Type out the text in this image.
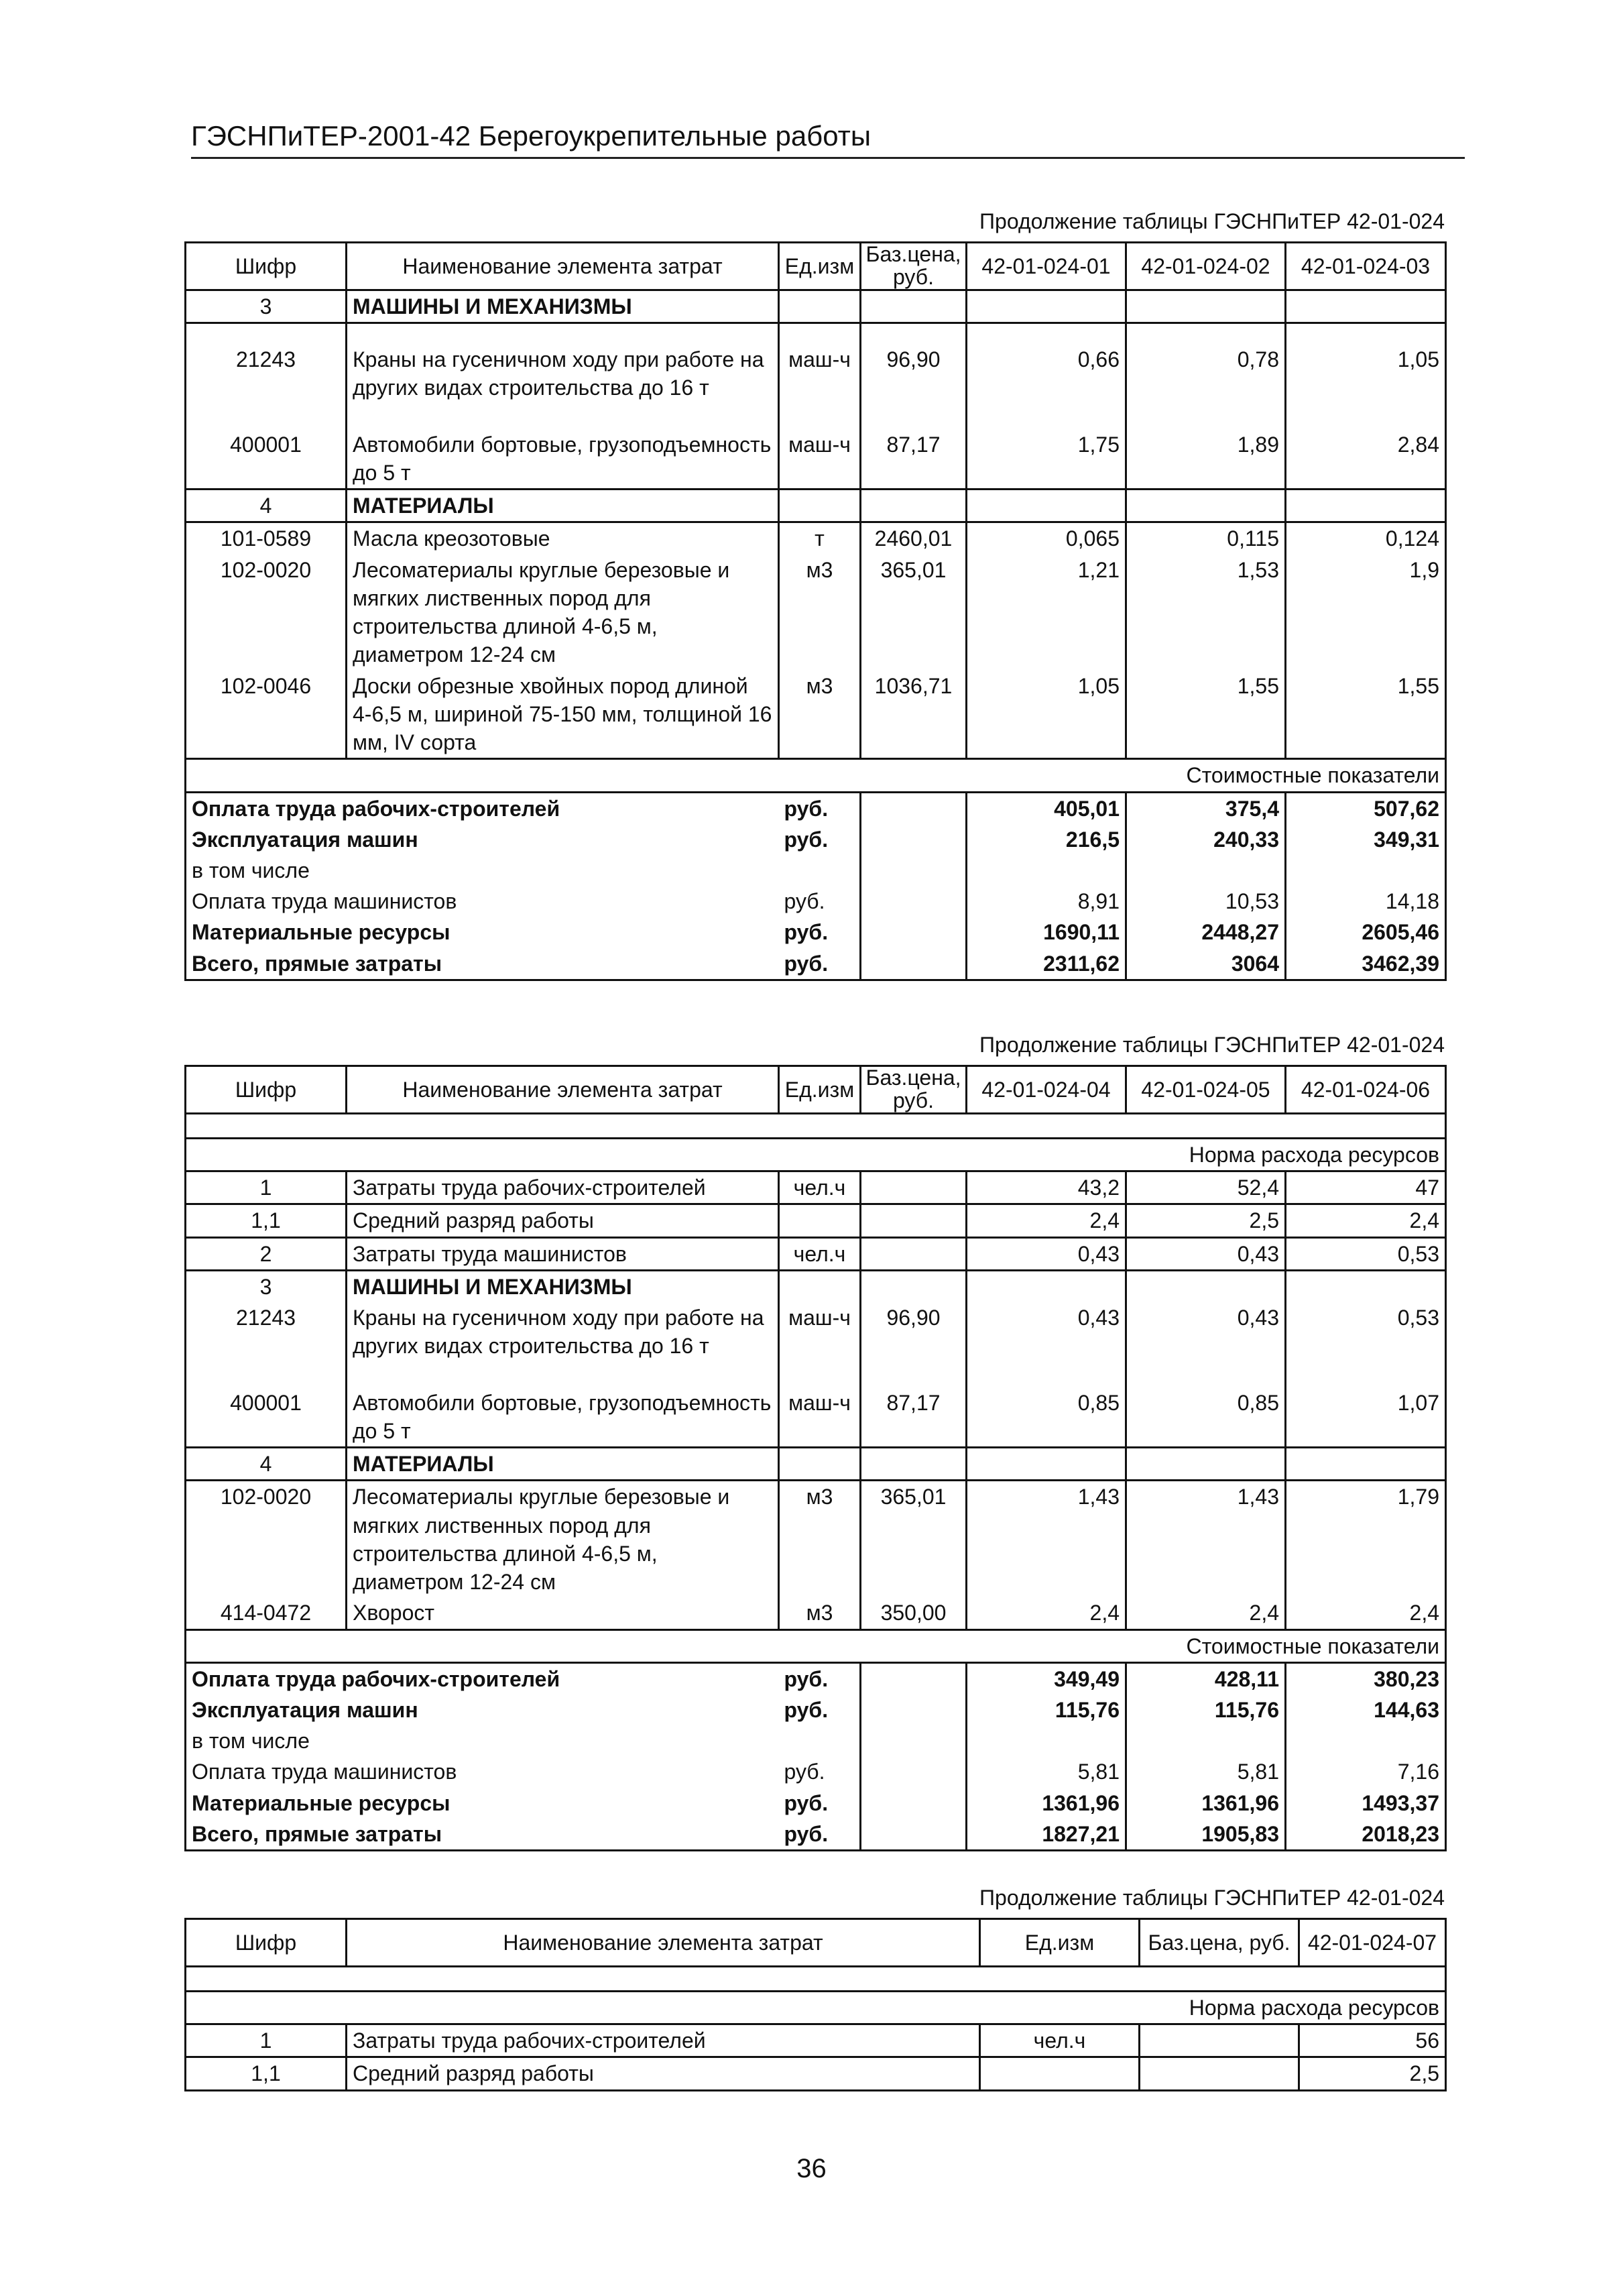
ГЭСНПиТЕР-2001-42 Берегоукрепительные работы
Продолжение таблицы ГЭСНПиТЕР 42-01-024
Шифр	Наименование элемента затрат	Ед.изм	Баз.цена, руб.	42-01-024-01	42-01-024-02	42-01-024-03
3	МАШИНЫ И МЕХАНИЗМЫ					
21243	Краны на гусеничном ходу при работе на других видах строительства до 16 т	маш-ч	96,90	0,66	0,78	1,05
400001	Автомобили бортовые, грузоподъемность до 5 т	маш-ч	87,17	1,75	1,89	2,84
4	МАТЕРИАЛЫ					
101-0589	Масла креозотовые	т	2460,01	0,065	0,115	0,124
102-0020	Лесоматериалы круглые березовые и мягких лиственных пород для строительства длиной 4-6,5 м, диаметром 12-24 см	м3	365,01	1,21	1,53	1,9
102-0046	Доски обрезные хвойных пород длиной 4-6,5 м, шириной 75-150 мм, толщиной 16 мм, IV сорта	м3	1036,71	1,05	1,55	1,55
Стоимостные показатели						
Оплата труда рабочих-строителей		руб.		405,01	375,4	507,62
Эксплуатация машин		руб.		216,5	240,33	349,31
в том числе						
Оплата труда машинистов		руб.		8,91	10,53	14,18
Материальные ресурсы		руб.		1690,11	2448,27	2605,46
Всего, прямые затраты		руб.		2311,62	3064	3462,39
Продолжение таблицы ГЭСНПиТЕР 42-01-024
Шифр	Наименование элемента затрат	Ед.изм	Баз.цена, руб.	42-01-024-04	42-01-024-05	42-01-024-06

Норма расхода ресурсов						
1	Затраты труда рабочих-строителей	чел.ч		43,2	52,4	47
1,1	Средний разряд работы			2,4	2,5	2,4
2	Затраты труда машинистов	чел.ч		0,43	0,43	0,53
3	МАШИНЫ И МЕХАНИЗМЫ					
21243	Краны на гусеничном ходу при работе на других видах строительства до 16 т	маш-ч	96,90	0,43	0,43	0,53
400001	Автомобили бортовые, грузоподъемность до 5 т	маш-ч	87,17	0,85	0,85	1,07
4	МАТЕРИАЛЫ					
102-0020	Лесоматериалы круглые березовые и мягких лиственных пород для строительства длиной 4-6,5 м, диаметром 12-24 см	м3	365,01	1,43	1,43	1,79
414-0472	Хворост	м3	350,00	2,4	2,4	2,4
Стоимостные показатели						
Оплата труда рабочих-строителей		руб.		349,49	428,11	380,23
Эксплуатация машин		руб.		115,76	115,76	144,63
в том числе						
Оплата труда машинистов		руб.		5,81	5,81	7,16
Материальные ресурсы		руб.		1361,96	1361,96	1493,37
Всего, прямые затраты		руб.		1827,21	1905,83	2018,23
Продолжение таблицы ГЭСНПиТЕР 42-01-024
Шифр	Наименование элемента затрат	Ед.изм	Баз.цена, руб.	42-01-024-07

Норма расхода ресурсов				
1	Затраты труда рабочих-строителей	чел.ч		56
1,1	Средний разряд работы			2,5
36
